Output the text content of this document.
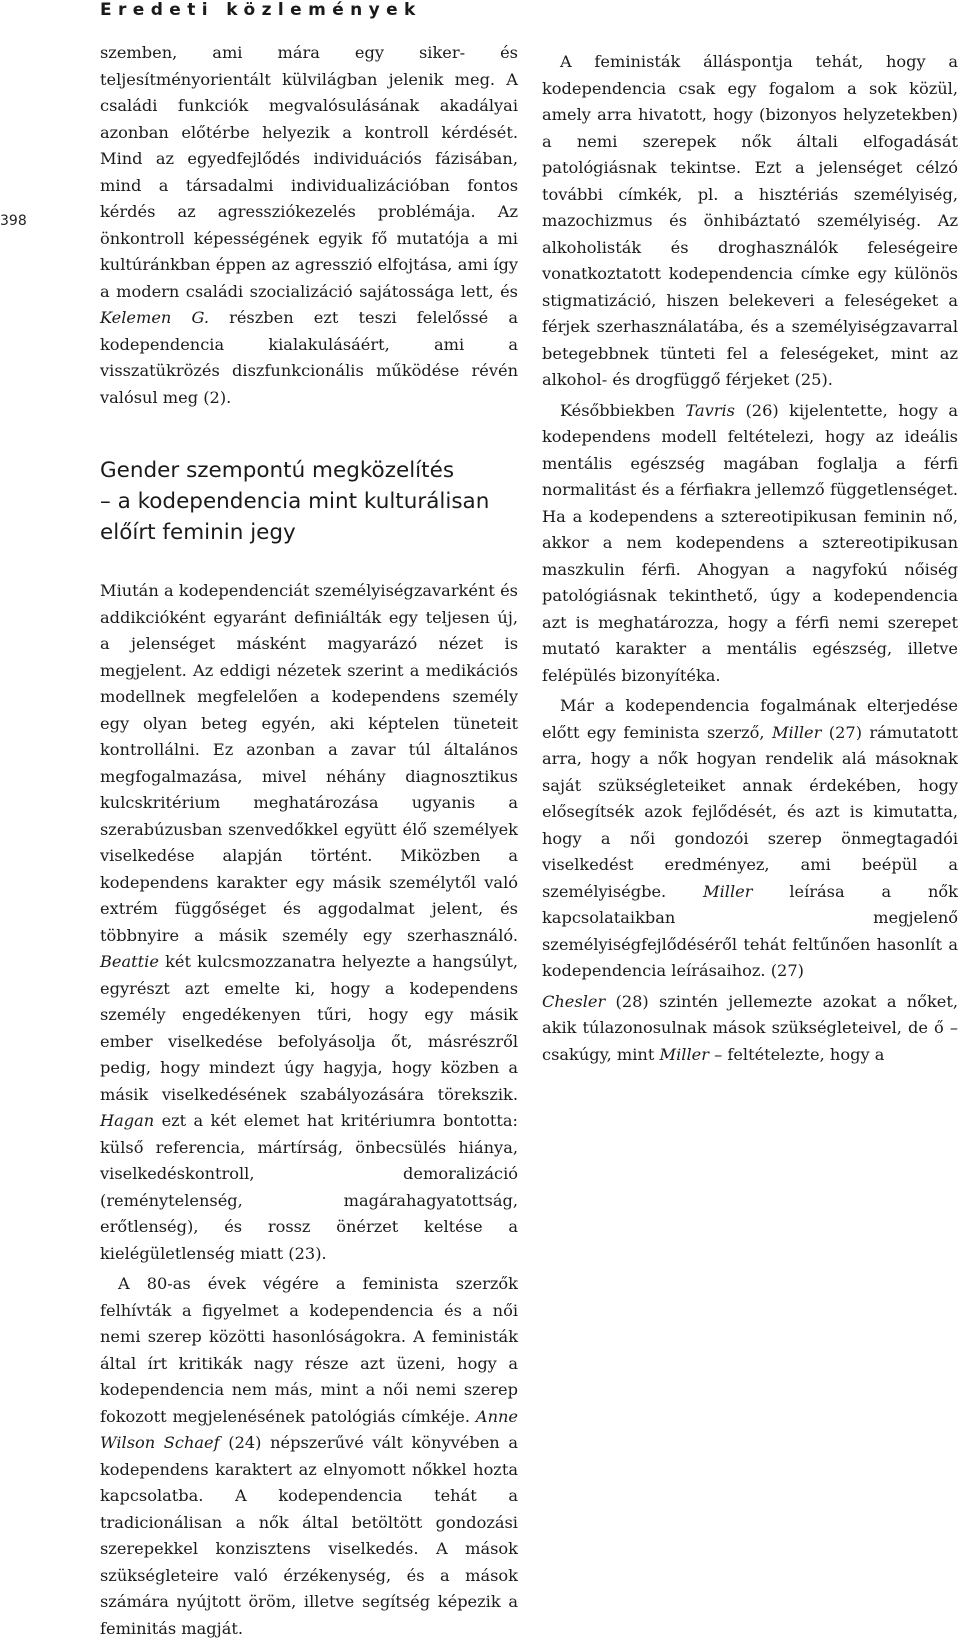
Eredeti közlemények
398

szemben, ami mára egy siker- és teljesítményorientált külvilágban jelenik meg. A családi funkciók megvalósulásának akadályai azonban előtérbe helyezik a kontroll kérdését. Mind az egyedfejlődés individuációs fázisában, mind a társadalmi individualizációban fontos kérdés az agressziókezelés problémája. Az önkontroll képességének egyik fő mutatója a mi kultúránkban éppen az agresszió elfojtása, ami így a modern családi szocializáció sajátossága lett, és Kelemen G. részben ezt teszi felelőssé a kodependencia kialakulásáért, ami a visszatükrözés diszfunkcionális működése révén valósul meg (2).

Gender szempontú megközelítés
– a kodependencia mint kulturálisan
előírt feminin jegy

Miután a kodependenciát személyiségzavarként és addikcióként egyaránt definiálták egy teljesen új, a jelenséget másként magyarázó nézet is megjelent. Az eddigi nézetek szerint a medikációs modellnek megfelelően a kodependens személy egy olyan beteg egyén, aki képtelen tüneteit kontrollálni. Ez azonban a zavar túl általános megfogalmazása, mivel néhány diagnosztikus kulcskritérium meghatározása ugyanis a szerabúzusban szenvedőkkel együtt élő személyek viselkedése alapján történt. Miközben a kodependens karakter egy másik személytől való extrém függőséget és aggodalmat jelent, és többnyire a másik személy egy szerhasználó. Beattie két kulcsmozzanatra helyezte a hangsúlyt, egyrészt azt emelte ki, hogy a kodependens személy engedékenyen tűri, hogy egy másik ember viselkedése befolyásolja őt, másrészről pedig, hogy mindezt úgy hagyja, hogy közben a másik viselkedésének szabályozására törekszik. Hagan ezt a két elemet hat kritériumra bontotta: külső referencia, mártírság, önbecsülés hiánya, viselkedéskontroll, demoralizáció (reménytelenség, magárahagyatottság, erőtlenség), és rossz önérzet keltése a kielégületlenség miatt (23).

A 80-as évek végére a feminista szerzők felhívták a figyelmet a kodependencia és a női nemi szerep közötti hasonlóságokra. A feministák által írt kritikák nagy része azt üzeni, hogy a kodependencia nem más, mint a női nemi szerep fokozott megjelenésének patológiás címkéje. Anne Wilson Schaef (24) népszerűvé vált könyvében a kodependens karaktert az elnyomott nőkkel hozta kapcsolatba. A kodependencia tehát a tradicionálisan a nők által betöltött gondozási szerepekkel konzisztens viselkedés. A mások szükségleteire való érzékenység, és a mások számára nyújtott öröm, illetve segítség képezik a feminitás magját.

A feministák álláspontja tehát, hogy a kodependencia csak egy fogalom a sok közül, amely arra hivatott, hogy (bizonyos helyzetekben) a nemi szerepek nők általi elfogadását patológiásnak tekintse. Ezt a jelenséget célzó további címkék, pl. a hisztériás személyiség, mazochizmus és önhibáztató személyiség. Az alkoholisták és droghasználók feleségeire vonatkoztatott kodependencia címke egy különös stigmatizáció, hiszen belekeveri a feleségeket a férjek szerhasználatába, és a személyiségzavarral betegebbnek tünteti fel a feleségeket, mint az alkohol- és drogfüggő férjeket (25).

Későbbiekben Tavris (26) kijelentette, hogy a kodependens modell feltételezi, hogy az ideális mentális egészség magában foglalja a férfi normalitást és a férfiakra jellemző függetlenséget. Ha a kodependens a sztereotipikusan feminin nő, akkor a nem kodependens a sztereotipikusan maszkulin férfi. Ahogyan a nagyfokú nőiség patológiásnak tekinthető, úgy a kodependencia azt is meghatározza, hogy a férfi nemi szerepet mutató karakter a mentális egészség, illetve felépülés bizonyítéka.

Már a kodependencia fogalmának elterjedése előtt egy feminista szerző, Miller (27) rámutatott arra, hogy a nők hogyan rendelik alá másoknak saját szükségleteiket annak érdekében, hogy elősegítsék azok fejlődését, és azt is kimutatta, hogy a női gondozói szerep önmegtagadói viselkedést eredményez, ami beépül a személyiségbe. Miller leírása a nők kapcsolataikban megjelenő személyiségfejlődéséről tehát feltűnően hasonlít a kodependencia leírásaihoz. (27)

Chesler (28) szintén jellemezte azokat a nőket, akik túlazonosulnak mások szükségleteivel, de ő – csakúgy, mint Miller – feltételezte, hogy a
